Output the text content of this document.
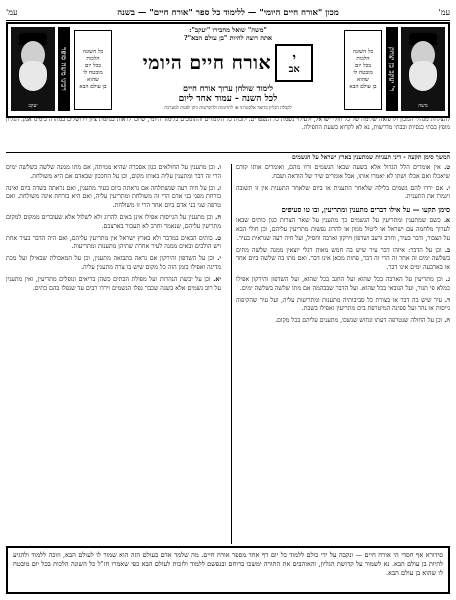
עמ'
מכון "אורח חיים היומי" — ללימוד כל ספר "אורח חיים" — בשנה
עמ'
משה
ר' יעקב בן יצחק
כל השונה
הלכות
בכל יום
מובטח לו
שהוא
בן עולם הבא
"משה" שואל מחבירו "יעקב":
אתה רוצה להיות "בן עולם הבא"?
י
אב
אורח חיים היומי
לימוד שולחן ערוך אורח חיים
לכל השנה - עמוד אחד ליום
לקבלת הגליון בדואר אלקטרוני או לתרומות ולהקדשות ניתן לפנות למערכת
כל השונה
הלכות
בכל יום
מובטח לו
שהוא
בן עולם הבא
רבינו משה סופר
יעקב
להצלחת מנהלי המכון ולרפואה שלימה של כל חולי ישראל, ולעילוי נשמת כל הנפטרים. לזכות כל הלומדים והתומכים בלימוד היומי, שיזכו לראות בנחמת ציון וירושלים במהרה בימינו אמן. הגליון מופץ בבתי כנסיות ובבתי מדרשות, נא לא לקרוא בשעת התפילה.
המשך סימן תקעה - דיני תעניות שמתענין בארץ ישראל על הגשמים
ט. אין אומרים הלל הגדול אלא בשעה שבאו הגשמים ורוו מהם, ואומרים אותו קודם שיאכלו ואם אכלו ושתו לא יאמרו אותו, אבל אומרים שיר של הודאה ושבח.
י. אם ירדו להם גשמים בלילה שלאחר התענית או ביום שלאחר התענית אין זו תשובה ויגמרו את התענית.
סימן תקעו — על אילו דברים מתענין ומתריעין, ובו טו סעיפים
א. כשם שמתענין ומתריעין על הגשמים כך מתענין על שאר הצרות כגון כותים שבאו לערוך מלחמה עם ישראל או ליטול ממון או להרוג נפשות מתריעין עליהם, וכן חולי הבא על הצבור, ודבר בעיר, וחרב ורעב ושדפון וירקון וארבה וחסיל, ועל חיה רעה שנראית בעיר.
ב. וכן על הדבר: איזהו דבר עיר שיש בה חמש מאות רגלי יוצאין ממנה שלשה מתים בשלשה ימים זה אחר זה הרי זה דבר, פחות מכאן אינו דבר. ואם מתו בה שלשה ביום אחד או בארבעה ימים אינו דבר.
ג. וכן מתריעין על הארבה בכל שהוא ועל החגב בכל שהוא, ועל השדפון והירקון אפילו כמלא פי תנור, ועל הגובאי בכל שהוא. ועל הדבר שבבהמה אם מתו שלשה בשלשה ימים.
ד. עיר שיש בה דבר או בצורת כל סביבותיה מתענות ומתריעות עליה, ועל עיר שהקיפוה גייסות או נהר ועל ספינה המיטרפת בים מתריעין ואפילו בשבת.
ה. וכן על החולה שנטרפה דעתו ונחוש שנשכו, מתענים עליהם בכל מקום.
ו. וכן מתענין על החולאים כגון אסכרה שהיא ממיתה, אם מתו ממנה שלשה בשלשה ימים הרי זה דבר ומתענין עליה באותו מקום, וכן על החככון שבאדם אם היא משולחת.
ז. וכן על חיה רעה שנשתלחה אם נראתה ביום בעיר מתענין, ואם נראתה בשדה ביום ואינה בורחת מפני בני אדם הרי זה משולחת ומתריעין עליה, ואם היא בורחת אינה משולחת. ואם טרפה שני בני אדם ביום אחד הרי זו משולחת.
ח. וכן מתענין על הגייסות אפילו אינן באים להרוג ולא לשלול אלא שעוברים ממקום למקום מתריעין עליהם, שנאמר וחרב לא תעבור בארצכם.
ט. כותים הבאים במדבר ולא בארץ ישראל אין מתריעין עליהם, ואם היה הדבר בעיר אחת ויש הולכים ובאים ממנה לעיר אחרת שתיהן מתענות ומתריעות.
י. וכן על השדפון והירקון אם נראה בתבואה מתענין, וכן על המאכולת שבאילן ועל מכת מדינה ואפילו בזמן הזה כל מקום שיש בו צרה מתענין עליה.
יא. וכן על יבשת הנהרות ועל מפולת הבתים כשהן בריאים ונופלים מתריעין, ואין מתענין על רוב גשמים אלא בשנה שכבר נפלו הגשמים וירדו רבים עד שנפלו בהם בתים.
סידורא אף חסדי הי אורח חיים — ונקבה על ידי כולם ללמוד כל יום דף אחד מספר אורח חיים. מה שלמד אדם בעולם הזה הוא שמור לו לעולם הבא, וזוכה ללמוד ולהגיע להיות בן עולם הבא. נא לשמור על קדושת הגליון, והאוהבים את התורה ימשכו ברוחם ובנפשם ללמוד ולזכות לעולם הבא כפי שאמרו חז"ל כל השונה הלכות בכל יום מובטח לו שהוא בן עולם הבא.
